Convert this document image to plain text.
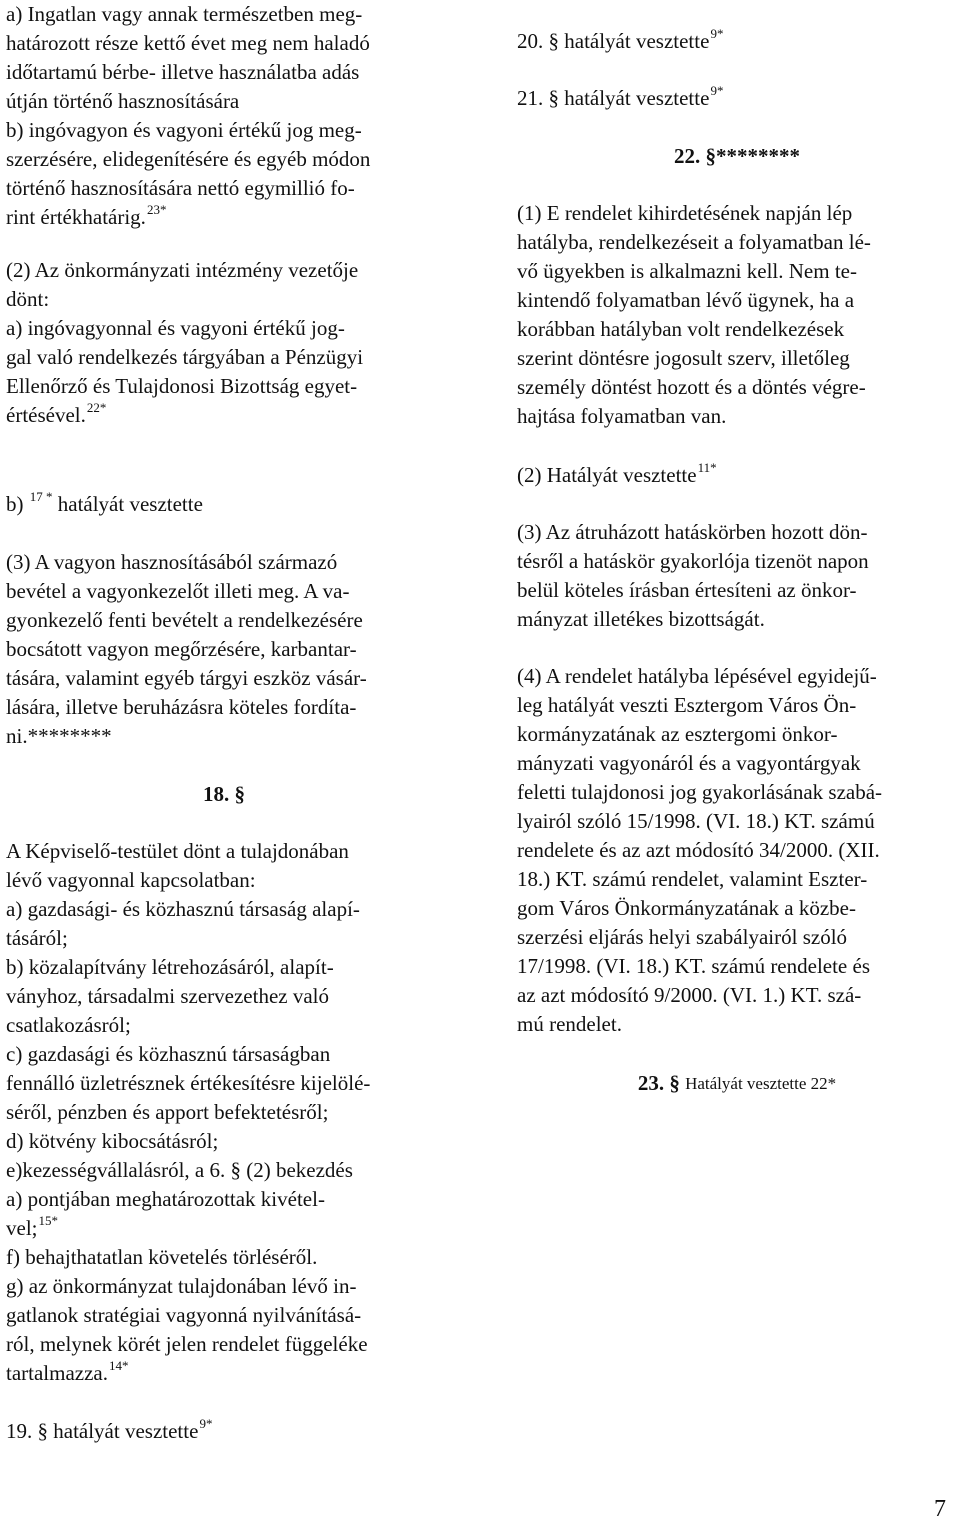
a) Ingatlan vagy annak természetben meg-
határozott része kettő évet meg nem haladó
időtartamú bérbe- illetve használatba adás
útján történő hasznosítására
b) ingóvagyon és vagyoni értékű jog meg-
szerzésére, elidegenítésére és egyéb módon
történő hasznosítására nettó egymillió fo-
rint értékhatárig.$^{23*}$
(2) Az önkormányzati intézmény vezetője
dönt:
a) ingóvagyonnal és vagyoni értékű jog-
gal való rendelkezés tárgyában a Pénzügyi
Ellenőrző és Tulajdonosi Bizottság egyet-
értésével.$^{22*}$
b)
$^{17 *}$
hatályát vesztette
(3) A vagyon hasznosításából származó
bevétel a vagyonkezelőt illeti meg. A va-
gyonkezelő fenti bevételt a rendelkezésére
bocsátott vagyon megőrzésére, karbantar-
tására, valamint egyéb tárgyi eszköz vásár-
lására, illetve beruházásra köteles fordíta-
ni.********
18. §
A Képviselő-testület dönt a tulajdonában
lévő vagyonnal kapcsolatban:
a) gazdasági- és közhasznú társaság alapí-
tásáról;
b) közalapítvány létrehozásáról, alapít-
ványhoz, társadalmi szervezethez való
csatlakozásról;
c) gazdasági és közhasznú társaságban
fennálló üzletrésznek értékesítésre kijelölé-
séről, pénzben és apport befektetésről;
d) kötvény kibocsátásról;
e)kezességvállalásról, a 6. § (2) bekezdés
a) pontjában meghatározottak kivétel-
vel;$^{15*}$
f) behajthatatlan követelés törléséről.
g) az önkormányzat tulajdonában lévő in-
gatlanok stratégiai vagyonná nyilvánításá-
ról, melynek körét jelen rendelet függeléke
tartalmazza.$^{14*}$
19. § hatályát vesztette$^{9*}$
20. § hatályát vesztette$^{9*}$
21. § hatályát vesztette$^{9*}$
22. §********
(1) E rendelet kihirdetésének napján lép
hatályba, rendelkezéseit a folyamatban lé-
vő ügyekben is alkalmazni kell. Nem te-
kintendő folyamatban lévő ügynek, ha a
korábban hatályban volt rendelkezések
szerint döntésre jogosult szerv, illetőleg
személy döntést hozott és a döntés végre-
hajtása folyamatban van.
(2) Hatályát vesztette$^{11*}$
(3) Az átruházott hatáskörben hozott dön-
tésről a hatáskör gyakorlója tizenöt napon
belül köteles írásban értesíteni az önkor-
mányzat illetékes bizottságát.
(4) A rendelet hatályba lépésével egyidejű-
leg hatályát veszti Esztergom Város Ön-
kormányzatának az esztergomi önkor-
mányzati vagyonáról és a vagyontárgyak
feletti tulajdonosi jog gyakorlásának szabá-
lyairól szóló 15/1998. (VI. 18.) KT. számú
rendelete és az azt módosító 34/2000. (XII.
18.) KT. számú rendelet, valamint Eszter-
gom Város Önkormányzatának a közbe-
szerzési eljárás helyi szabályairól szóló
17/1998. (VI. 18.) KT. számú rendelete és
az azt módosító 9/2000. (VI. 1.) KT. szá-
mú rendelet.
23. §
Hatályát vesztette 22*
7
